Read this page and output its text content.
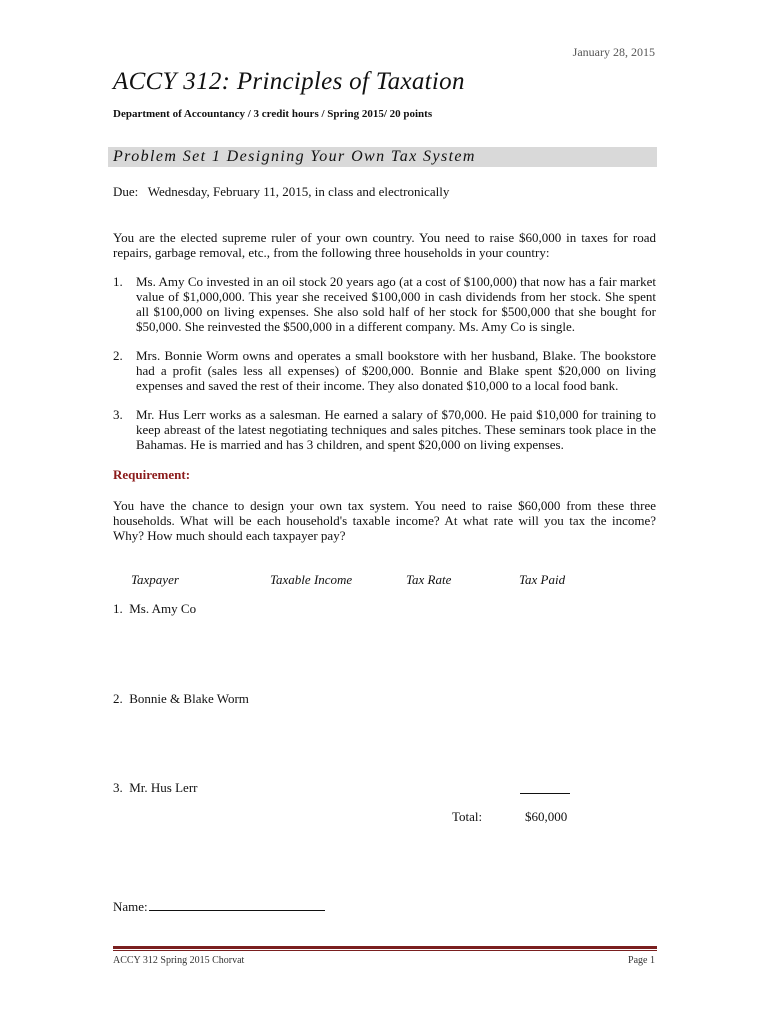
January 28, 2015
ACCY 312: Principles of Taxation
Department of Accountancy / 3 credit hours / Spring 2015/ 20 points
Problem Set 1 Designing Your Own Tax System
Due:   Wednesday, February 11, 2015, in class and electronically
You are the elected supreme ruler of your own country. You need to raise $60,000 in taxes for road repairs, garbage removal, etc., from the following three households in your country:
1. Ms. Amy Co invested in an oil stock 20 years ago (at a cost of $100,000) that now has a fair market value of $1,000,000. This year she received $100,000 in cash dividends from her stock. She spent all $100,000 on living expenses. She also sold half of her stock for $500,000 that she bought for $50,000. She reinvested the $500,000 in a different company. Ms. Amy Co is single.
2. Mrs. Bonnie Worm owns and operates a small bookstore with her husband, Blake. The bookstore had a profit (sales less all expenses) of $200,000. Bonnie and Blake spent $20,000 on living expenses and saved the rest of their income. They also donated $10,000 to a local food bank.
3. Mr. Hus Lerr works as a salesman. He earned a salary of $70,000. He paid $10,000 for training to keep abreast of the latest negotiating techniques and sales pitches. These seminars took place in the Bahamas. He is married and has 3 children, and spent $20,000 on living expenses.
Requirement:
You have the chance to design your own tax system. You need to raise $60,000 from these three households. What will be each household's taxable income? At what rate will you tax the income? Why? How much should each taxpayer pay?
Taxpayer	Taxable Income	Tax Rate	Tax Paid
1.  Ms. Amy Co
2.  Bonnie & Blake Worm
3.  Mr. Hus Lerr
Total:	$60,000
Name:
ACCY 312 Spring 2015 Chorvat	Page 1
